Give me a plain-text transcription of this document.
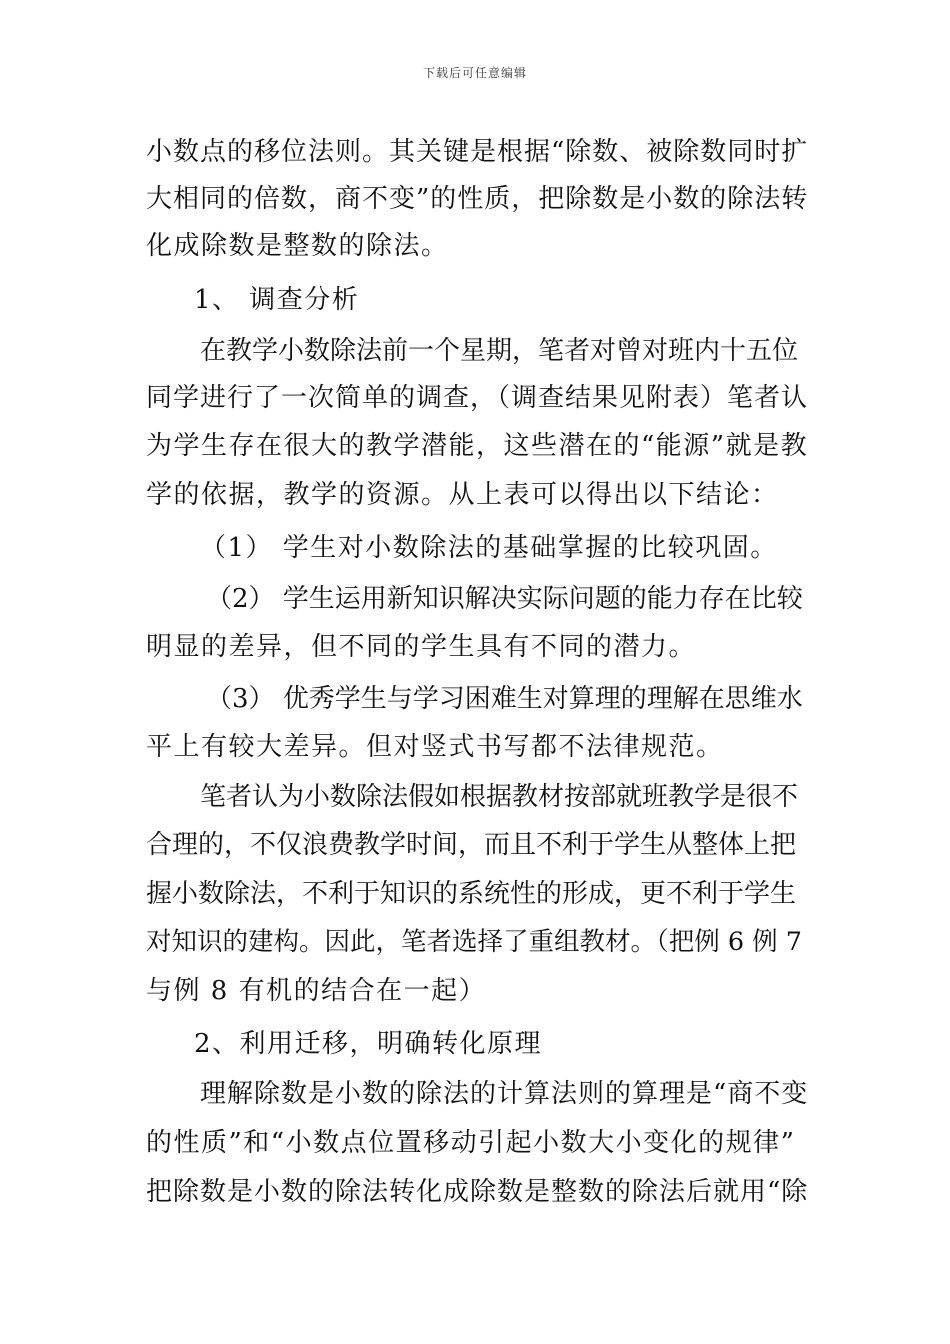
下载后可任意编辑
小数点的移位法则。其关键是根据“除数、被除数同时扩
大相同的倍数，商不变”的性质，把除数是小数的除法转
化成除数是整数的除法。
1、 调查分析
在教学小数除法前一个星期，笔者对曾对班内十五位
同学进行了一次简单的调查，（调查结果见附表）笔者认
为学生存在很大的教学潜能，这些潜在的“能源”就是教
学的依据，教学的资源。从上表可以得出以下结论：
（1） 学生对小数除法的基础掌握的比较巩固。
（2） 学生运用新知识解决实际问题的能力存在比较
明显的差异，但不同的学生具有不同的潜力。
（3） 优秀学生与学习困难生对算理的理解在思维水
平上有较大差异。但对竖式书写都不法律规范。
笔者认为小数除法假如根据教材按部就班教学是很不
合理的，不仅浪费教学时间，而且不利于学生从整体上把
握小数除法，不利于知识的系统性的形成，更不利于学生
对知识的建构。因此，笔者选择了重组教材。（把例 6 例 7
与例 8 有机的结合在一起）
2、利用迁移，明确转化原理
理解除数是小数的除法的计算法则的算理是“商不变
的性质”和“小数点位置移动引起小数大小变化的规律”
把除数是小数的除法转化成除数是整数的除法后就用“除
